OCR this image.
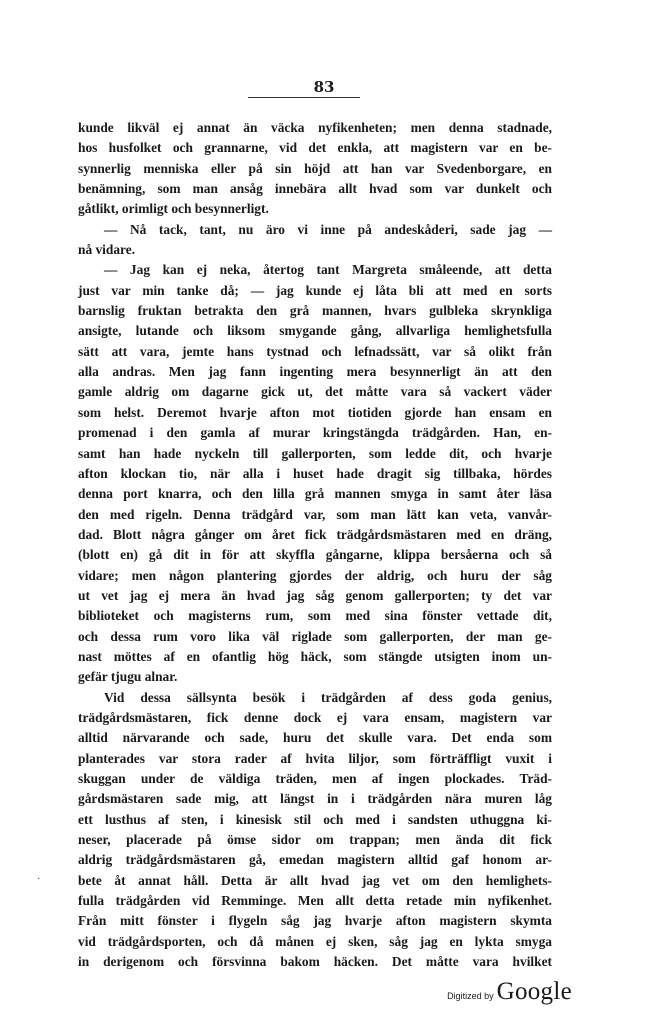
83
kunde likväl ej annat än väcka nyfikenheten; men denna stadnade,
hos husfolket och grannarne, vid det enkla, att magistern var en be-
synnerlig menniska eller på sin höjd att han var Svedenborgare, en
benämning, som man ansåg innebära allt hvad som var dunkelt och
gåtlikt, orimligt och besynnerligt.
— Nå tack, tant, nu äro vi inne på andeskåderi, sade jag —
nå vidare.
— Jag kan ej neka, återtog tant Margreta småleende, att detta
just var min tanke då; — jag kunde ej låta bli att med en sorts
barnslig fruktan betrakta den grå mannen, hvars gulbleka skrynkliga
ansigte, lutande och liksom smygande gång, allvarliga hemlighetsfulla
sätt att vara, jemte hans tystnad och lefnadssätt, var så olikt från
alla andras. Men jag fann ingenting mera besynnerligt än att den
gamle aldrig om dagarne gick ut, det måtte vara så vackert väder
som helst. Deremot hvarje afton mot tiotiden gjorde han ensam en
promenad i den gamla af murar kringstängda trädgården. Han, en-
samt han hade nyckeln till gallerporten, som ledde dit, och hvarje
afton klockan tio, när alla i huset hade dragit sig tillbaka, hördes
denna port knarra, och den lilla grå mannen smyga in samt åter läsa
den med rigeln. Denna trädgård var, som man lätt kan veta, vanvår-
dad. Blott några gånger om året fick trädgårdsmästaren med en dräng,
(blott en) gå dit in för att skyffla gångarne, klippa bersåerna och så
vidare; men någon plantering gjordes der aldrig, och huru der såg
ut vet jag ej mera än hvad jag såg genom gallerporten; ty det var
biblioteket och magisterns rum, som med sina fönster vettade dit,
och dessa rum voro lika väl riglade som gallerporten, der man ge-
nast möttes af en ofantlig hög häck, som stängde utsigten inom un-
gefär tjugu alnar.
Vid dessa sällsynta besök i trädgården af dess goda genius,
trädgårdsmästaren, fick denne dock ej vara ensam, magistern var
alltid närvarande och sade, huru det skulle vara. Det enda som
planterades var stora rader af hvita liljor, som förträffligt vuxit i
skuggan under de väldiga träden, men af ingen plockades. Träd-
gårdsmästaren sade mig, att längst in i trädgården nära muren låg
ett lusthus af sten, i kinesisk stil och med i sandsten uthuggna ki-
neser, placerade på ömse sidor om trappan; men ända dit fick
aldrig trädgårdsmästaren gå, emedan magistern alltid gaf honom ar-
bete åt annat håll. Detta är allt hvad jag vet om den hemlighets-
fulla trädgården vid Remminge. Men allt detta retade min nyfikenhet.
Från mitt fönster i flygeln såg jag hvarje afton magistern skymta
vid trädgårdsporten, och då månen ej sken, såg jag en lykta smyga
in derigenom och försvinna bakom häcken. Det måtte vara hvilket
·
Digitized by Google
